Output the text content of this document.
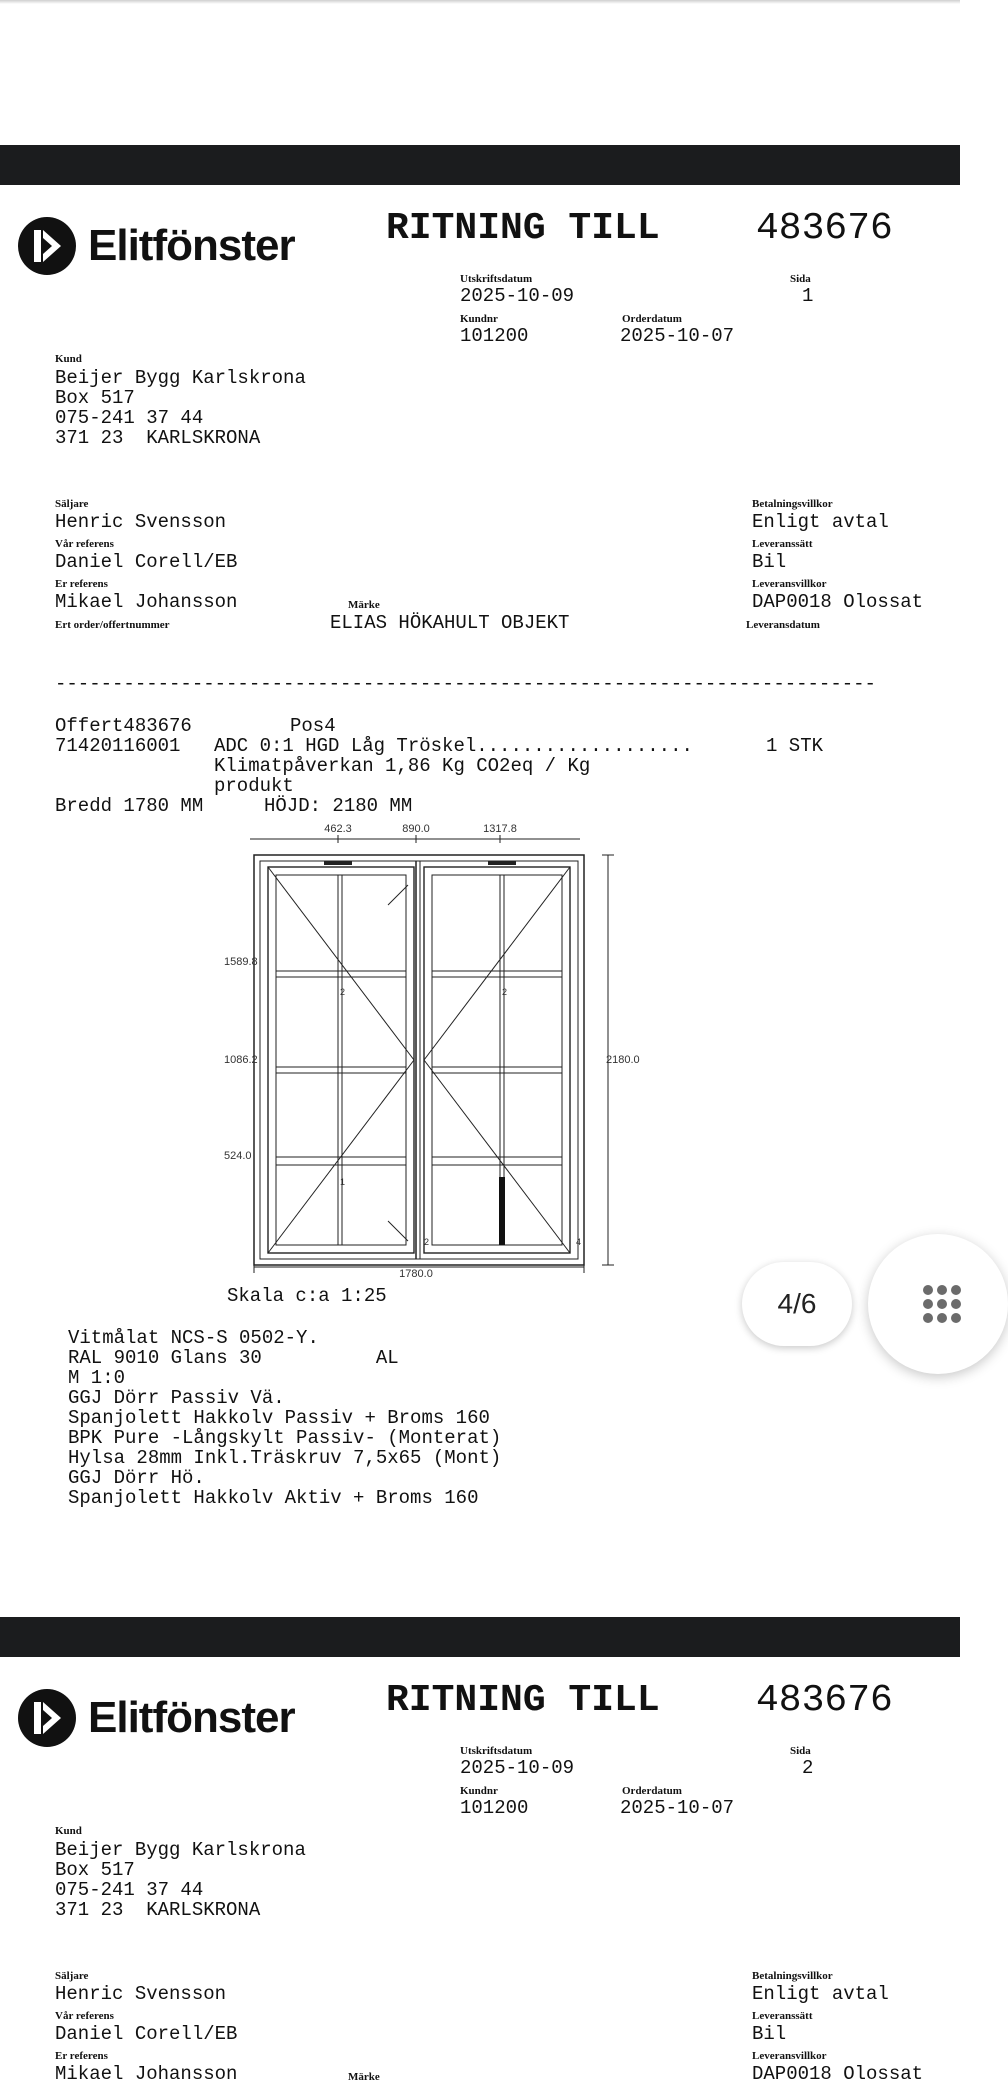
Elitfönster RITNING TILL	483676
Utskriftsdatum
2025-10-09
Sida
1
Kundnr
101200
Orderdatum
2025-10-07
Kund
Beijer Bygg Karlskrona
Box 517
075-241 37 44
371 23  KARLSKRONA
Säljare
Henric Svensson
Vår referens
Daniel Corell/EB
Er referens
Mikael Johansson
Ert order/offertnummer
Märke
ELIAS HÖKAHULT OBJEKT
Betalningsvillkor
Enligt avtal
Leveranssätt
Bil
Leveransvillkor
DAP0018 Olossat
Leveransdatum
------------------------------------------------------------------------
Offert483676	Pos4
71420116001 ADC 0:1 HGD Låg Tröskel...................	1 STK
Klimatpåverkan 1,86 Kg CO2eq / Kg
produkt
Bredd 1780 MM	HÖJD: 2180 MM
462.3	890.0	1317.8
1589.8
1086.2
524.0
2180.0
1780.0
2	2
1
2	4
Skala c:a 1:25
Vitmålat NCS-S 0502-Y.
RAL 9010 Glans 30          AL
M 1:0
GGJ Dörr Passiv Vä.
Spanjolett Hakkolv Passiv + Broms 160
BPK Pure -Långskylt Passiv- (Monterat)
Hylsa 28mm Inkl.Träskruv 7,5x65 (Mont)
GGJ Dörr Hö.
Spanjolett Hakkolv Aktiv + Broms 160
Elitfönster RITNING TILL	483676
Utskriftsdatum
2025-10-09
Sida
2
Kundnr
101200
Orderdatum
2025-10-07
Kund
Beijer Bygg Karlskrona
Box 517
075-241 37 44
371 23  KARLSKRONA
Säljare
Henric Svensson
Vår referens
Daniel Corell/EB
Er referens
Mikael Johansson	Märke
Betalningsvillkor
Enligt avtal
Leveranssätt
Bil
Leveransvillkor
DAP0018 Olossat
4/6
